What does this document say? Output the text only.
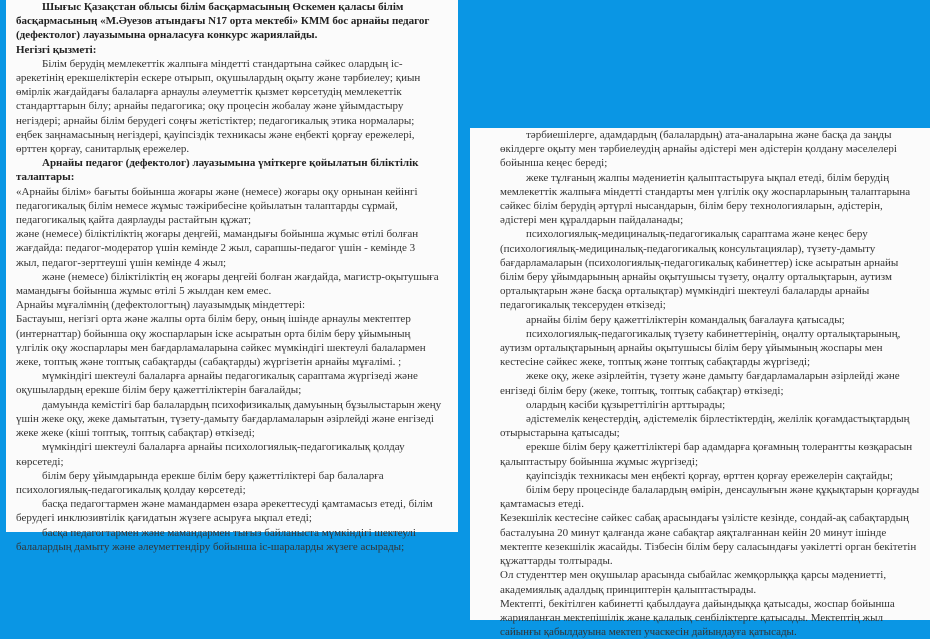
Шығыс Қазақстан облысы білім басқармасының Өскемен қаласы білім

басқармасының «М.Әуезов атындағы N17 орта мектебі» КММ бос арнайы педагог

(дефектолог) лауазымына орналасуға конкурс жариялайды.

Негізгі қызметі:

Білім берудің мемлекеттік жалпыға міндетті стандартына сәйкес олардың іс-

әрекетінің ерекшеліктерін ескере отырып, оқушылардың оқыту және тәрбиелеу; қиын

өмірлік жағдайдағы балаларға арнаулы әлеуметтік қызмет көрсетудің мемлекеттік

стандарттарын білу; арнайы педагогика; оқу процесін жобалау және ұйымдастыру

негіздері; арнайы білім берудегі соңғы жетістіктер; педагогикалық этика нормалары;

еңбек заңнамасының негіздері, қауіпсіздік техникасы және еңбекті қорғау ережелері,

өрттен қорғау, санитарлық ережелер.

Арнайы педагог (дефектолог) лауазымына үміткерге қойылатын біліктілік

талаптары:

«Арнайы білім» бағыты бойынша жоғары және (немесе) жоғары оқу орнынан кейінгі

педагогикалық білім немесе жұмыс тәжірибесіне қойылатын талаптарды сұрмай,

педагогикалық қайта даярлауды растайтын құжат;

және (немесе) біліктіліктің жоғары деңгейі, мамандығы бойынша жұмыс өтілі болған

жағдайда: педагог-модератор үшін кемінде 2 жыл, сарапшы-педагог үшін - кемінде 3

жыл, педагог-зерттеуші үшін кемінде 4 жыл;

және (немесе) біліктіліктің ең жоғары деңгейі болған жағдайда, магистр-оқытушыға

мамандығы бойынша жұмыс өтілі 5 жылдан кем емес.

Арнайы мұғалімнің (дефектологтың) лауазымдық міндеттері:

Бастауыш, негізгі орта және жалпы орта білім беру, оның ішінде арнаулы мектептер

(интернаттар) бойынша оқу жоспарларын іске асыратын орта білім беру ұйымының

үлгілік оқу жоспарлары мен бағдарламаларына сәйкес мүмкіндігі шектеулі балалармен

жеке, топтық және топтық сабақтарды (сабақтарды) жүргізетін арнайы мұғалімі. ;

мүмкіндігі шектеулі балаларға арнайы педагогикалық сараптама жүргізеді және

оқушылардың ерекше білім беру қажеттіліктерін бағалайды;

дамуында кемістігі бар балалардың психофизикалық дамуының бұзылыстарын жеңу

үшін жеке оқу, жеке дамытатын, түзету-дамыту бағдарламаларын әзірлейді және енгізеді

жеке жеке (кіші топтық, топтық сабақтар) өткізеді;

мүмкіндігі шектеулі балаларға арнайы психологиялық-педагогикалық қолдау

көрсетеді;

білім беру ұйымдарында ерекше білім беру қажеттіліктері бар балаларға

психологиялық-педагогикалық қолдау көрсетеді;

басқа педагогтармен және мамандармен өзара әрекеттесуді қамтамасыз етеді, білім

берудегі инклюзивтілік қағидатын жүзеге асыруға ықпал етеді;

басқа педагогтармен және мамандармен тығыз байланыста мүмкіндігі шектеулі

балалардың дамыту және әлеуметтендіру бойынша іс-шараларды жүзеге асырады;

тәрбиешілерге, адамдардың (балалардың) ата-аналарына және басқа да заңды

өкілдерге оқыту мен тәрбиелеудің арнайы әдістері мен әдістерін қолдану мәселелері

бойынша кеңес береді;

жеке тұлғаның жалпы мәдениетін қалыптастыруға ықпал етеді, білім берудің

мемлекеттік жалпыға міндетті стандарты мен үлгілік оқу жоспарларының талаптарына

сәйкес білім берудің әртүрлі нысандарын, білім беру технологияларын, әдістерін,

әдістері мен құралдарын пайдаланады;

психологиялық-медициналық-педагогикалық сараптама және кеңес беру

(психологиялық-медициналық-педагогикалық консультациялар), түзету-дамыту

бағдарламаларын (психологиялық-педагогикалық кабинеттер) іске асыратын арнайы

білім беру ұйымдарының арнайы оқытушысы түзету, оңалту орталықтарын, аутизм

орталықтарын және басқа орталықтар) мүмкіндігі шектеулі балаларды арнайы

педагогикалық тексеруден өткізеді;

арнайы білім беру қажеттіліктерін командалық бағалауға қатысады;

психологиялық-педагогикалық түзету кабинеттерінің, оңалту орталықтарының,

аутизм орталықтарының арнайы оқытушысы білім беру ұйымының жоспары мен

кестесіне сәйкес жеке, топтық және топтық сабақтарды жүргізеді;

жеке оқу, жеке әзірлейтін, түзету және дамыту бағдарламаларын әзірлейді және

енгізеді білім беру (жеке, топтық, топтық сабақтар) өткізеді;

олардың кәсіби құзыреттілігін арттырады;

әдістемелік кеңестердің, әдістемелік бірлестіктердің, желілік қоғамдастықтардың

отырыстарына қатысады;

ерекше білім беру қажеттіліктері бар адамдарға қоғамның толерантты көзқарасын

қалыптастыру бойынша жұмыс жүргізеді;

қауіпсіздік техникасы мен еңбекті қорғау, өрттен қорғау ережелерін сақтайды;

білім беру процесінде балалардың өмірін, денсаулығын және құқықтарын қорғауды

қамтамасыз етеді.

Кезекшілік кестесіне сәйкес сабақ арасындағы үзілісте кезінде, сондай-ақ сабақтардың

басталуына 20 минут қалғанда және сабақтар аяқталғаннан кейін 20 минут ішінде

мектепте кезекшілік жасайды. Тізбесін білім беру саласындағы уәкілетті орган бекітетін

құжаттарды толтырады.

Ол студенттер мен оқушылар арасында сыбайлас жемқорлыққа қарсы мәдениетті,

академиялық адалдық принциптерін қалыптастырады.

Мектепті, бекітілген кабинетті қабылдауға дайындыққа қатысады, жоспар бойынша

жарияланған мектепішілік және қалалық сенбіліктерге қатысады. Мектептің жыл

сайынғы қабылдауына мектеп учаскесін дайындауға қатысады.
